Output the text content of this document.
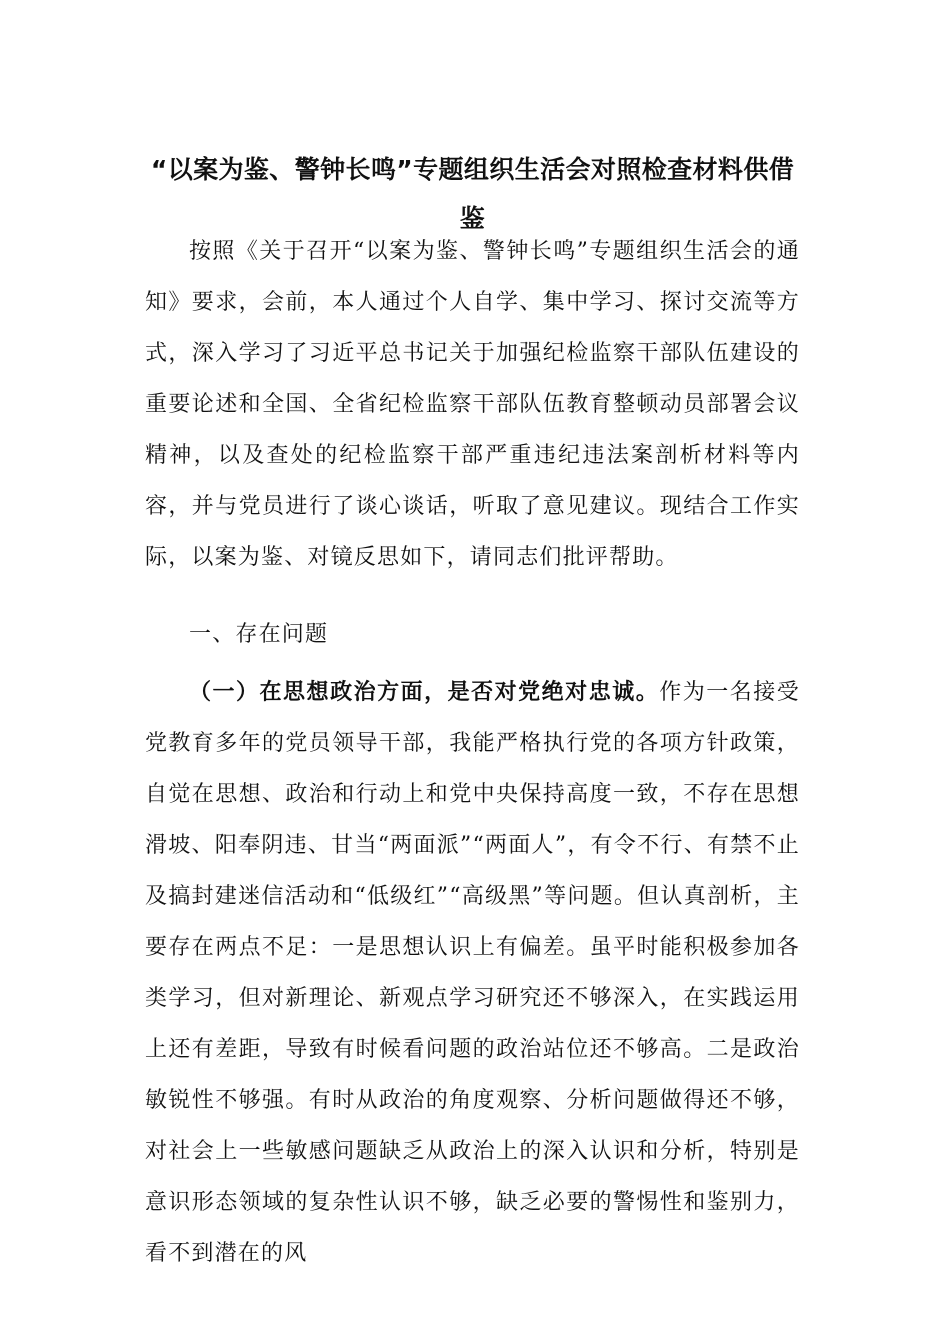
“以案为鉴、警钟长鸣”专题组织生活会对照检查材料供借鉴

按照《关于召开“以案为鉴、警钟长鸣”专题组织生活会的通知》要求，会前，本人通过个人自学、集中学习、探讨交流等方式，深入学习了习近平总书记关于加强纪检监察干部队伍建设的重要论述和全国、全省纪检监察干部队伍教育整顿动员部署会议精神，以及查处的纪检监察干部严重违纪违法案剖析材料等内容，并与党员进行了谈心谈话，听取了意见建议。现结合工作实际，以案为鉴、对镜反思如下，请同志们批评帮助。

一、存在问题

（一）在思想政治方面，是否对党绝对忠诚。作为一名接受党教育多年的党员领导干部，我能严格执行党的各项方针政策，自觉在思想、政治和行动上和党中央保持高度一致，不存在思想滑坡、阳奉阴违、甘当“两面派”“两面人”，有令不行、有禁不止及搞封建迷信活动和“低级红”“高级黑”等问题。但认真剖析，主要存在两点不足：一是思想认识上有偏差。虽平时能积极参加各类学习，但对新理论、新观点学习研究还不够深入，在实践运用上还有差距，导致有时候看问题的政治站位还不够高。二是政治敏锐性不够强。有时从政治的角度观察、分析问题做得还不够，对社会上一些敏感问题缺乏从政治上的深入认识和分析，特别是意识形态领域的复杂性认识不够，缺乏必要的警惕性和鉴别力，看不到潜在的风
